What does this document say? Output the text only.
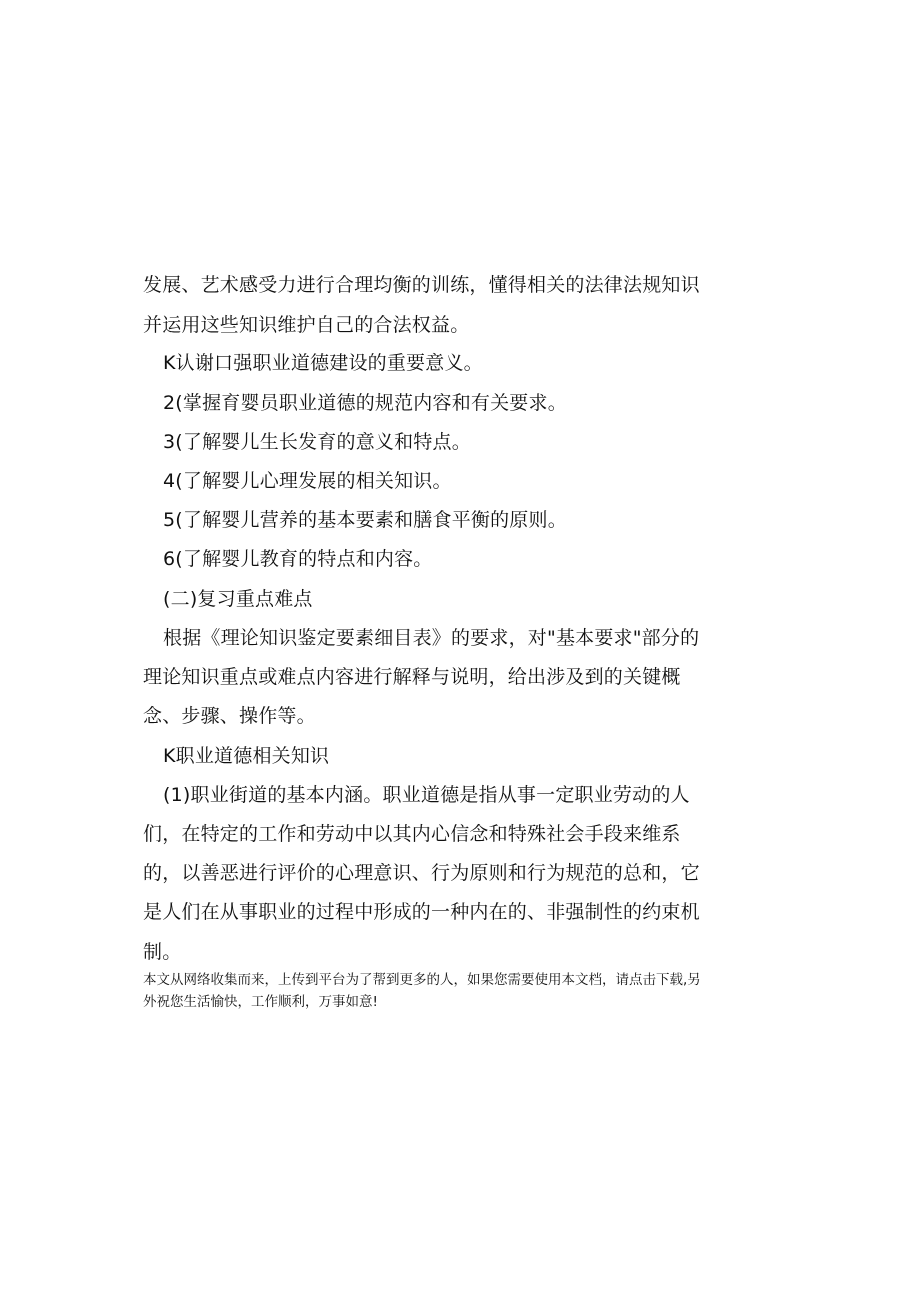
发展、艺术感受力进行合理均衡的训练，懂得相关的法律法规知识
并运用这些知识维护自己的合法权益。
K认谢口强职业道德建设的重要意义。
2(掌握育婴员职业道德的规范内容和有关要求。
3(了解婴儿生长发育的意义和特点。
4(了解婴儿心理发展的相关知识。
5(了解婴儿营养的基本要素和膳食平衡的原则。
6(了解婴儿教育的特点和内容。
(二)复习重点难点
根据《理论知识鉴定要素细目表》的要求，对"基本要求"部分的
理论知识重点或难点内容进行解释与说明，给出涉及到的关键概
念、步骤、操作等。
K职业道德相关知识
(1)职业街道的基本内涵。职业道德是指从事一定职业劳动的人
们，在特定的工作和劳动中以其内心信念和特殊社会手段来维系
的，以善恶进行评价的心理意识、行为原则和行为规范的总和，它
是人们在从事职业的过程中形成的一种内在的、非强制性的约束机
制。
本文从网络收集而来，上传到平台为了帮到更多的人，如果您需要使用本文档，请点击下载,另
外祝您生活愉快，工作顺利，万事如意!
